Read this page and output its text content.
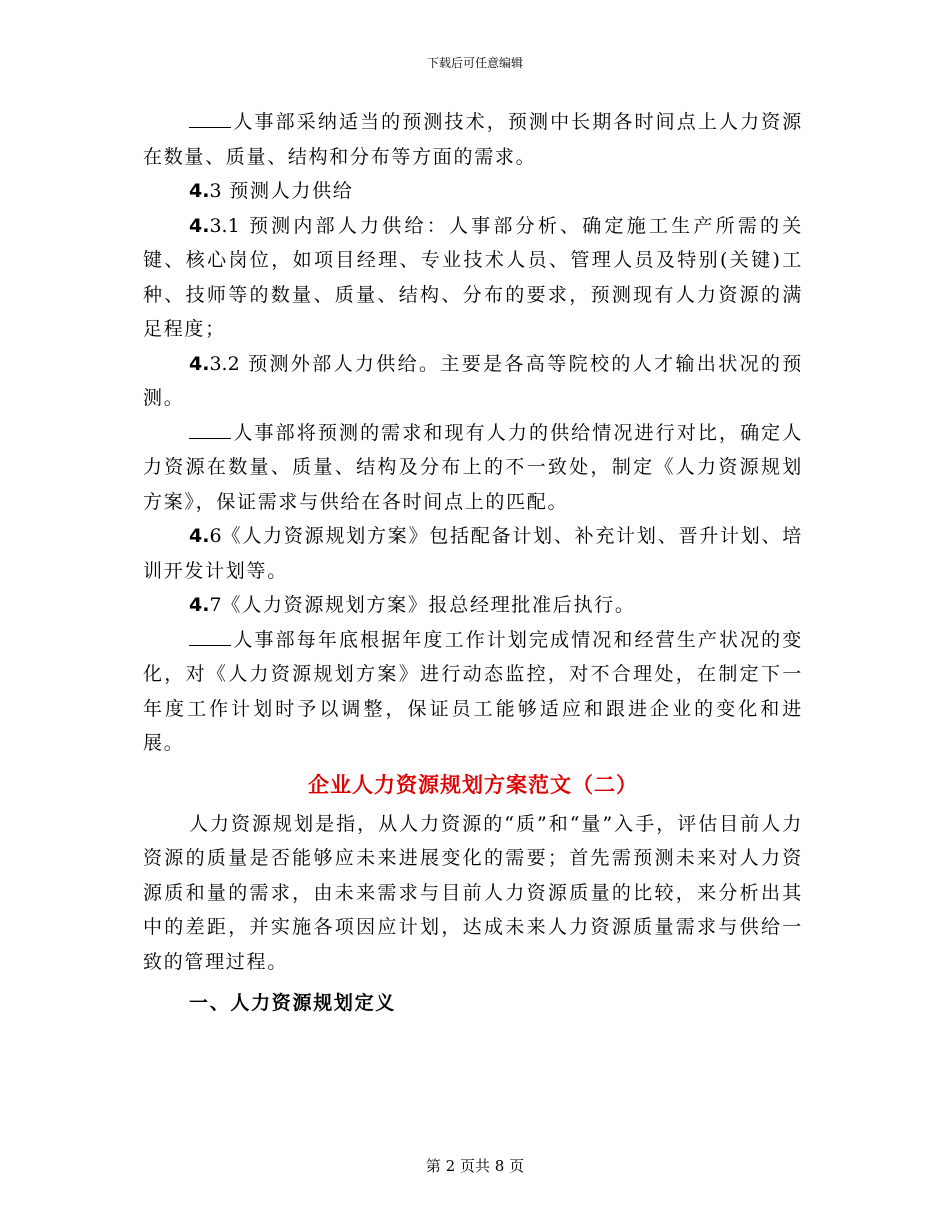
下载后可任意编辑

人事部采纳适当的预测技术，预测中长期各时间点上人力资源在数量、质量、结构和分布等方面的需求。

4.3 预测人力供给

4.3.1 预测内部人力供给：人事部分析、确定施工生产所需的关键、核心岗位，如项目经理、专业技术人员、管理人员及特别(关键)工种、技师等的数量、质量、结构、分布的要求，预测现有人力资源的满足程度；

4.3.2 预测外部人力供给。主要是各高等院校的人才输出状况的预测。

人事部将预测的需求和现有人力的供给情况进行对比，确定人力资源在数量、质量、结构及分布上的不一致处，制定《人力资源规划方案》，保证需求与供给在各时间点上的匹配。

4.6《人力资源规划方案》包括配备计划、补充计划、晋升计划、培训开发计划等。

4.7《人力资源规划方案》报总经理批准后执行。

人事部每年底根据年度工作计划完成情况和经营生产状况的变化，对《人力资源规划方案》进行动态监控，对不合理处，在制定下一年度工作计划时予以调整，保证员工能够适应和跟进企业的变化和进展。

企业人力资源规划方案范文（二）

人力资源规划是指，从人力资源的“质”和“量”入手，评估目前人力资源的质量是否能够应未来进展变化的需要；首先需预测未来对人力资源质和量的需求，由未来需求与目前人力资源质量的比较，来分析出其中的差距，并实施各项因应计划，达成未来人力资源质量需求与供给一致的管理过程。

一、人力资源规划定义
第 2 页共 8 页
